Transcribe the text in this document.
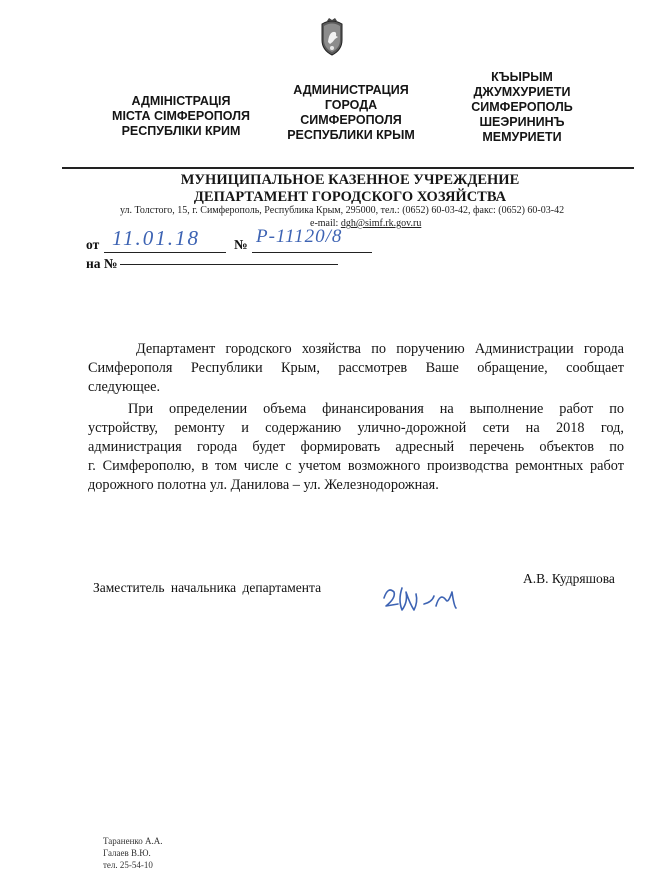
АДМІНІСТРАЦІЯ
МІСТА СІМФЕРОПОЛЯ
РЕСПУБЛІКИ КРИМ
АДМИНИСТРАЦИЯ
ГОРОДА
СИМФЕРОПОЛЯ
РЕСПУБЛИКИ КРЫМ
КЪЫРЫМ
ДЖУМХУРИЕТИ
СИМФЕРОПОЛЬ
ШЕЭРИНИНЪ
МЕМУРИЕТИ
МУНИЦИПАЛЬНОЕ КАЗЕННОЕ УЧРЕЖДЕНИЕ
ДЕПАРТАМЕНТ ГОРОДСКОГО ХОЗЯЙСТВА
ул. Толстого, 15, г. Симферополь, Республика Крым, 295000, тел.: (0652) 60-03-42, факс: (0652) 60-03-42
e-mail: dgh@simf.rk.gov.ru
от 11.01.18	№ Р-11120/8
на №
Департамент городского хозяйства по поручению Администрации города
Симферополя Республики Крым, рассмотрев Ваше обращение, сообщает
следующее.
При определении объема финансирования на выполнение работ по
устройству, ремонту и содержанию улично-дорожной сети на 2018 год,
администрация города будет формировать адресный перечень объектов по
г. Симферополю, в том числе с учетом возможного производства ремонтных работ
дорожного полотна ул. Данилова – ул. Железнодорожная.
Заместитель начальника департамента
А.В. Кудряшова
Тараненко А.А.
Галаев В.Ю.
тел. 25-54-10
